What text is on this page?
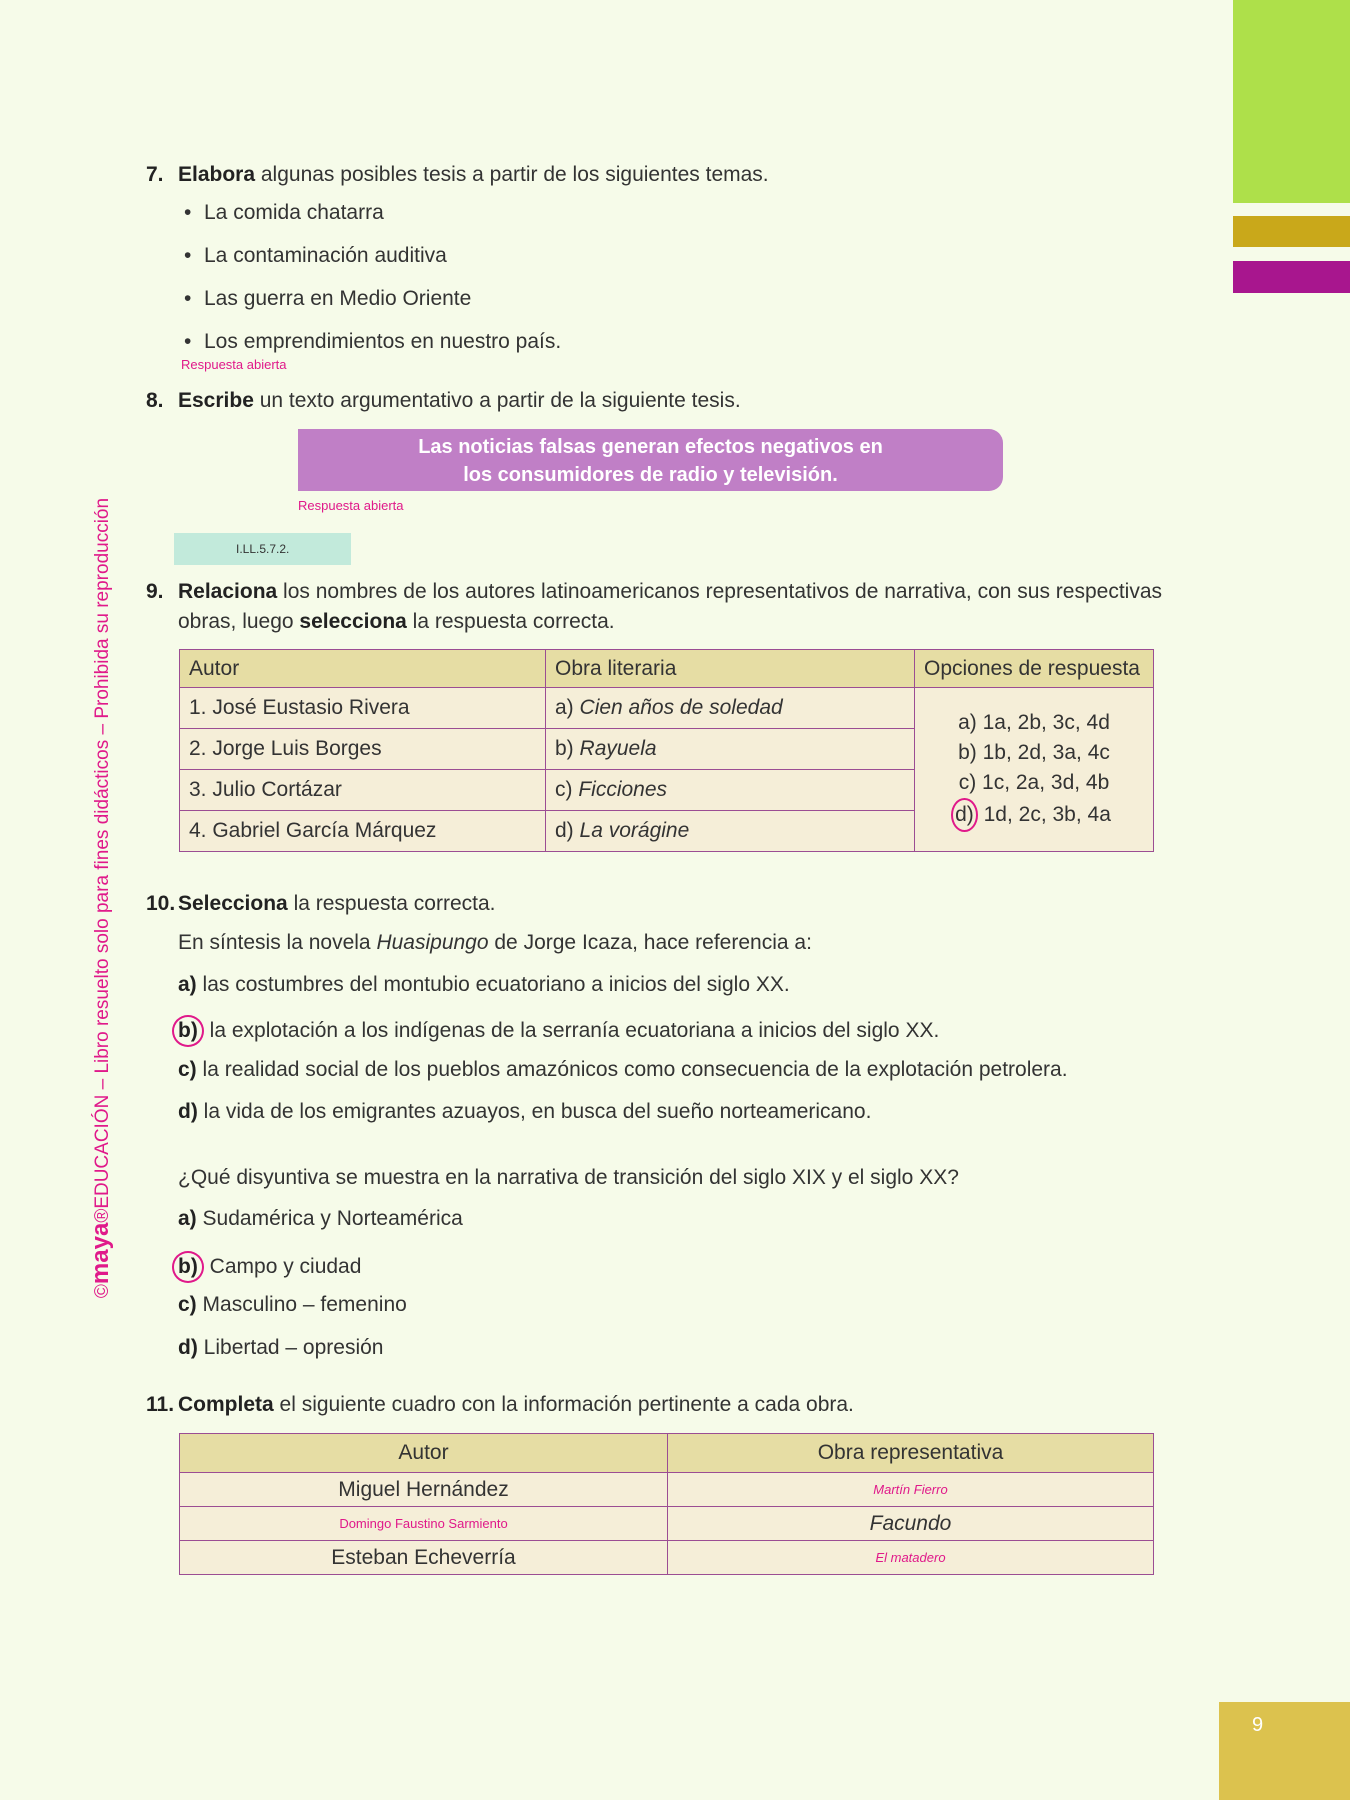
9
©maya®EDUCACIÓN – Libro resuelto solo para fines didácticos – Prohibida su reproducción
7. Elabora algunas posibles tesis a partir de los siguientes temas.
• La comida chatarra
• La contaminación auditiva
• Las guerra en Medio Oriente
• Los emprendimientos en nuestro país.
Respuesta abierta
8. Escribe un texto argumentativo a partir de la siguiente tesis.
Las noticias falsas generan efectos negativos en
los consumidores de radio y televisión.
Respuesta abierta
I.LL.5.7.2.
9. Relaciona los nombres de los autores latinoamericanos representativos de narrativa, con sus respectivas
obras, luego selecciona la respuesta correcta.
Autor	Obra literaria	Opciones de respuesta
1. José Eustasio Rivera	a) Cien años de soledad	a) 1a, 2b, 3c, 4d
b) 1b, 2d, 3a, 4c
c) 1c, 2a, 3d, 4b
d) 1d, 2c, 3b, 4a

2. Jorge Luis Borges	b) Rayuela	
3. Julio Cortázar	c) Ficciones	
4. Gabriel García Márquez	d) La vorágine	
10. Selecciona la respuesta correcta.
En síntesis la novela Huasipungo de Jorge Icaza, hace referencia a:
a) las costumbres del montubio ecuatoriano a inicios del siglo XX.
b) la explotación a los indígenas de la serranía ecuatoriana a inicios del siglo XX.
c) la realidad social de los pueblos amazónicos como consecuencia de la explotación petrolera.
d) la vida de los emigrantes azuayos, en busca del sueño norteamericano.
¿Qué disyuntiva se muestra en la narrativa de transición del siglo XIX y el siglo XX?
a) Sudamérica y Norteamérica
b) Campo y ciudad
c) Masculino – femenino
d) Libertad – opresión
11. Completa el siguiente cuadro con la información pertinente a cada obra.
Autor	Obra representativa
Miguel Hernández	Martín Fierro
Domingo Faustino Sarmiento	Facundo
Esteban Echeverría	El matadero
